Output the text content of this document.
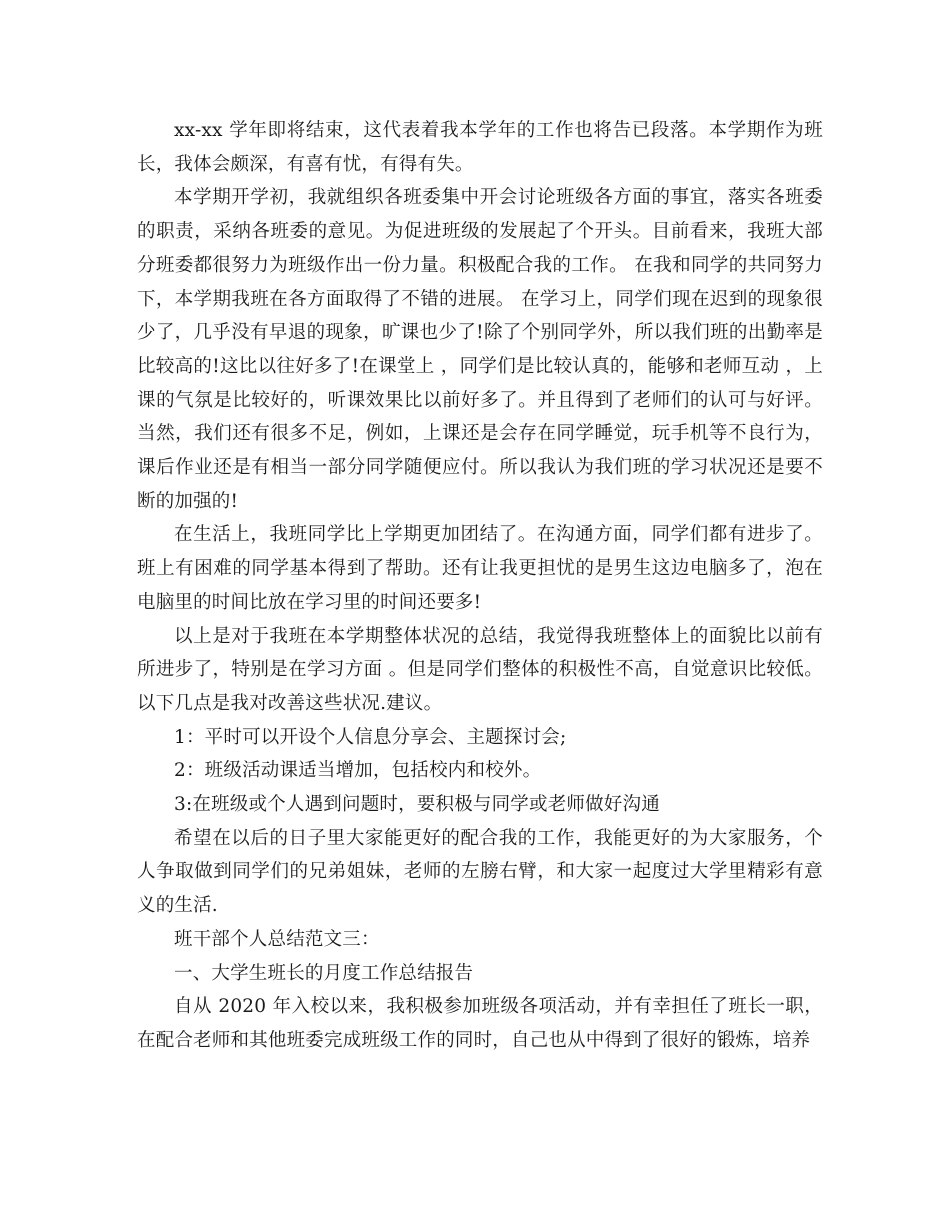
xx-xx 学年即将结束，这代表着我本学年的工作也将告已段落。本学期作为班长，我体会颇深，有喜有忧，有得有失。

本学期开学初，我就组织各班委集中开会讨论班级各方面的事宜，落实各班委的职责，采纳各班委的意见。为促进班级的发展起了个开头。目前看来，我班大部分班委都很努力为班级作出一份力量。积极配合我的工作。 在我和同学的共同努力下，本学期我班在各方面取得了不错的进展。 在学习上，同学们现在迟到的现象很少了，几乎没有早退的现象，旷课也少了!除了个别同学外，所以我们班的出勤率是比较高的!这比以往好多了!在课堂上 ，同学们是比较认真的，能够和老师互动 ，上课的气氛是比较好的，听课效果比以前好多了。并且得到了老师们的认可与好评。当然，我们还有很多不足，例如，上课还是会存在同学睡觉，玩手机等不良行为，课后作业还是有相当一部分同学随便应付。所以我认为我们班的学习状况还是要不断的加强的!

在生活上，我班同学比上学期更加团结了。在沟通方面，同学们都有进步了。班上有困难的同学基本得到了帮助。还有让我更担忧的是男生这边电脑多了，泡在电脑里的时间比放在学习里的时间还要多!

以上是对于我班在本学期整体状况的总结，我觉得我班整体上的面貌比以前有所进步了，特别是在学习方面 。但是同学们整体的积极性不高，自觉意识比较低。以下几点是我对改善这些状况.建议。

1：平时可以开设个人信息分享会、主题探讨会;

2：班级活动课适当增加，包括校内和校外。

3:在班级或个人遇到问题时，要积极与同学或老师做好沟通

希望在以后的日子里大家能更好的配合我的工作，我能更好的为大家服务，个人争取做到同学们的兄弟姐妹，老师的左膀右臂，和大家一起度过大学里精彩有意义的生活.

班干部个人总结范文三：

一、大学生班长的月度工作总结报告

自从 2020 年入校以来，我积极参加班级各项活动，并有幸担任了班长一职，在配合老师和其他班委完成班级工作的同时，自己也从中得到了很好的锻炼，培养
